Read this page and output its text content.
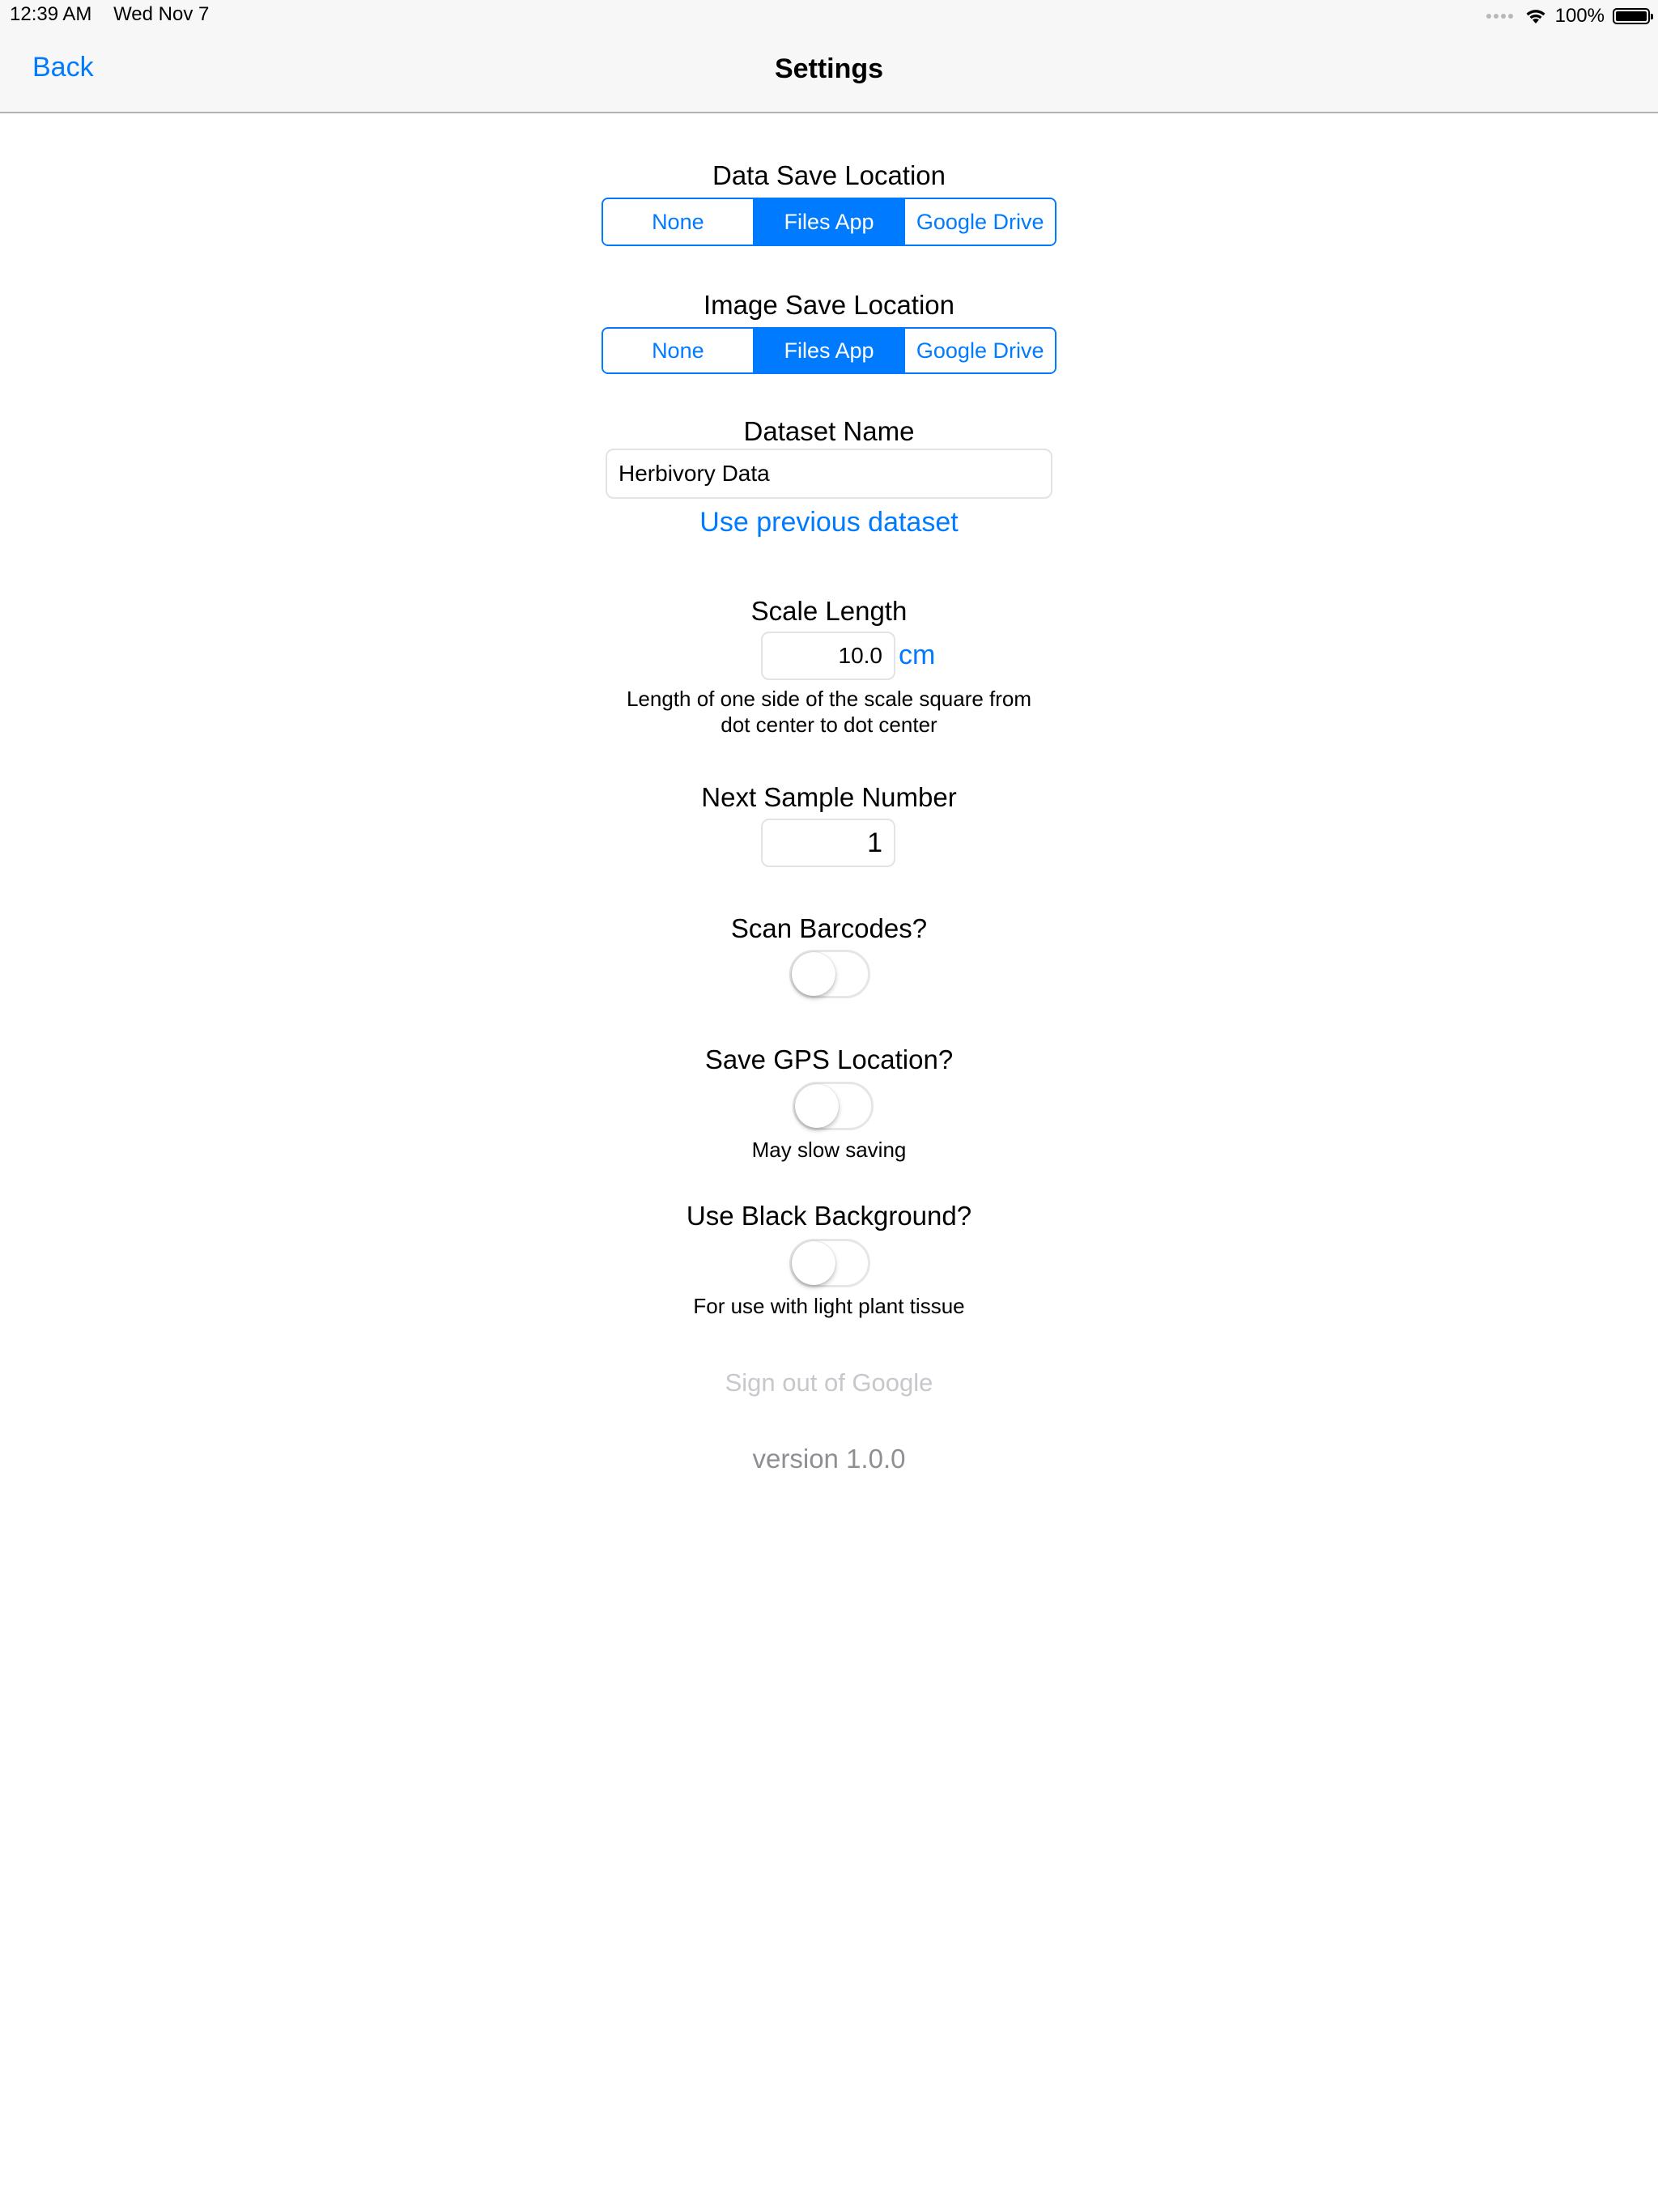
12:39 AM Wed Nov 7	100%
Back	Settings
Data Save Location
None	Files App	Google Drive
Image Save Location
None	Files App	Google Drive
Dataset Name
Herbivory Data
Use previous dataset
Scale Length
10.0
cm
Length of one side of the scale square from
dot center to dot center
Next Sample Number
1
Scan Barcodes?
Save GPS Location?
May slow saving
Use Black Background?
For use with light plant tissue
Sign out of Google
version 1.0.0
